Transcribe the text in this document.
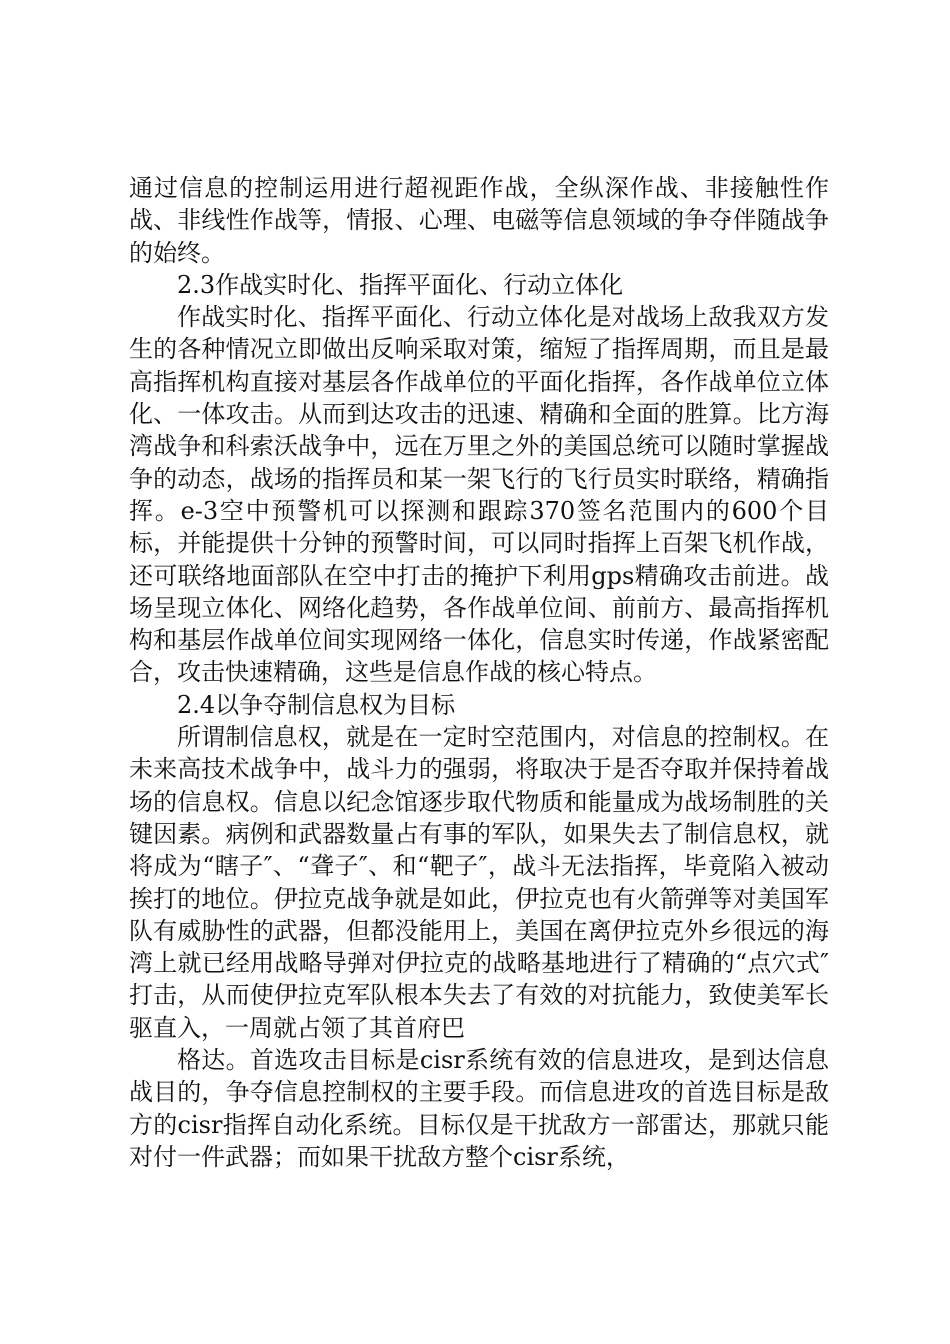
通过信息的控制运用进行超视距作战，全纵深作战、非接触性作战、非线性作战等，情报、心理、电磁等信息领域的争夺伴随战争的始终。

2.3作战实时化、指挥平面化、行动立体化

作战实时化、指挥平面化、行动立体化是对战场上敌我双方发生的各种情况立即做出反响采取对策，缩短了指挥周期，而且是最高指挥机构直接对基层各作战单位的平面化指挥，各作战单位立体化、一体攻击。从而到达攻击的迅速、精确和全面的胜算。比方海湾战争和科索沃战争中，远在万里之外的美国总统可以随时掌握战争的动态，战场的指挥员和某一架飞行的飞行员实时联络，精确指挥。e-3空中预警机可以探测和跟踪370签名范围内的600个目标，并能提供十分钟的预警时间，可以同时指挥上百架飞机作战，还可联络地面部队在空中打击的掩护下利用gps精确攻击前进。战场呈现立体化、网络化趋势，各作战单位间、前前方、最高指挥机构和基层作战单位间实现网络一体化，信息实时传递，作战紧密配合，攻击快速精确，这些是信息作战的核心特点。

2.4以争夺制信息权为目标

所谓制信息权，就是在一定时空范围内，对信息的控制权。在未来高技术战争中，战斗力的强弱，将取决于是否夺取并保持着战场的信息权。信息以纪念馆逐步取代物质和能量成为战场制胜的关键因素。病例和武器数量占有事的军队，如果失去了制信息权，就将成为“瞎子″、“聋子″、和“靶子″，战斗无法指挥，毕竟陷入被动挨打的地位。伊拉克战争就是如此，伊拉克也有火箭弹等对美国军队有威胁性的武器，但都没能用上，美国在离伊拉克外乡很远的海湾上就已经用战略导弹对伊拉克的战略基地进行了精确的“点穴式″打击，从而使伊拉克军队根本失去了有效的对抗能力，致使美军长驱直入，一周就占领了其首府巴

格达。首选攻击目标是cisr系统有效的信息进攻，是到达信息战目的，争夺信息控制权的主要手段。而信息进攻的首选目标是敌方的cisr指挥自动化系统。目标仅是干扰敌方一部雷达，那就只能对付一件武器；而如果干扰敌方整个cisr系统，
